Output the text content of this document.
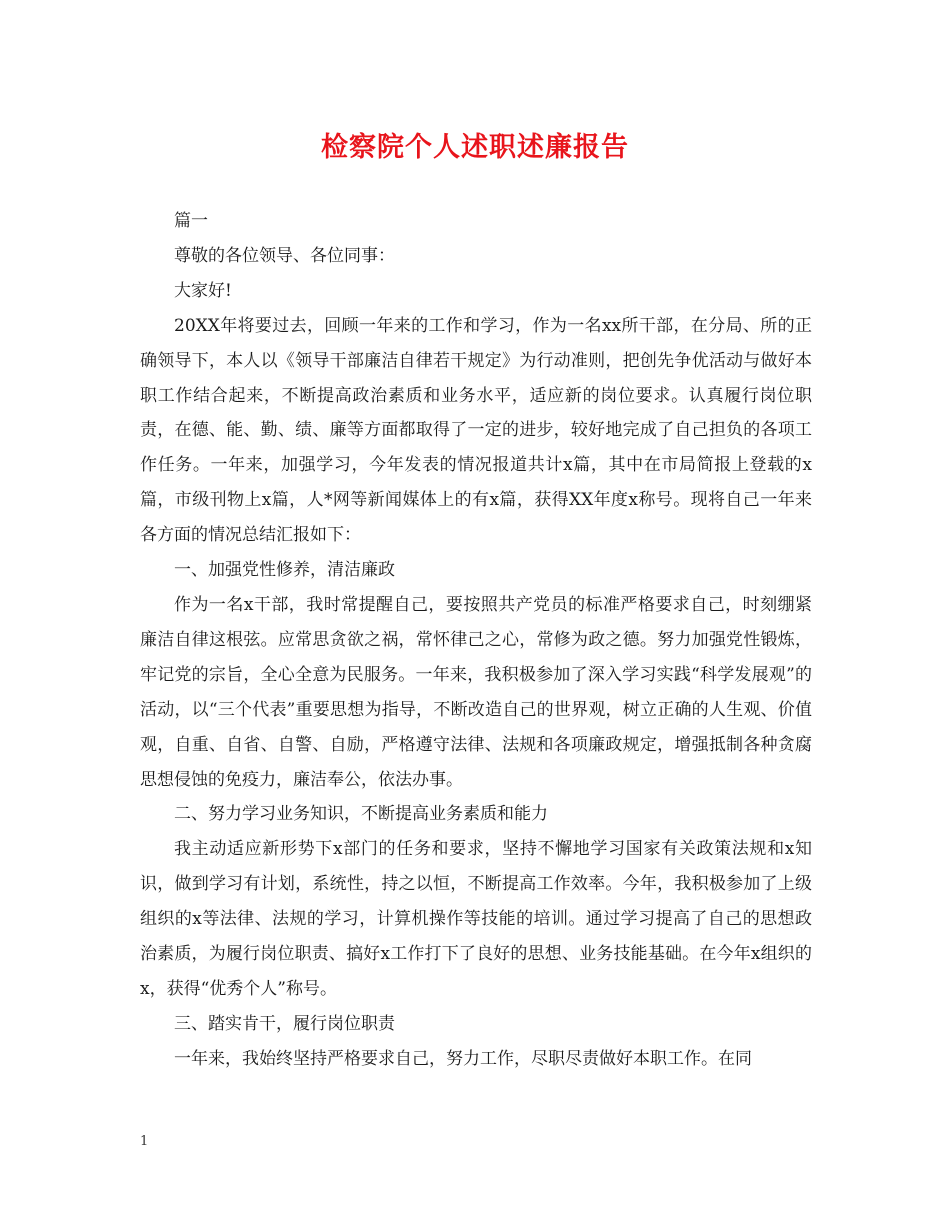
检察院个人述职述廉报告

篇一

尊敬的各位领导、各位同事：

大家好!

20XX年将要过去，回顾一年来的工作和学习，作为一名xx所干部，在分局、所的正确领导下，本人以《领导干部廉洁自律若干规定》为行动准则，把创先争优活动与做好本职工作结合起来，不断提高政治素质和业务水平，适应新的岗位要求。认真履行岗位职责，在德、能、勤、绩、廉等方面都取得了一定的进步，较好地完成了自己担负的各项工作任务。一年来，加强学习，今年发表的情况报道共计x篇，其中在市局简报上登载的x篇，市级刊物上x篇，人*网等新闻媒体上的有x篇，获得XX年度x称号。现将自己一年来各方面的情况总结汇报如下：

一、加强党性修养，清洁廉政

作为一名x干部，我时常提醒自己，要按照共产党员的标准严格要求自己，时刻绷紧廉洁自律这根弦。应常思贪欲之祸，常怀律己之心，常修为政之德。努力加强党性锻炼，牢记党的宗旨，全心全意为民服务。一年来，我积极参加了深入学习实践“科学发展观”的活动，以“三个代表”重要思想为指导，不断改造自己的世界观，树立正确的人生观、价值观，自重、自省、自警、自励，严格遵守法律、法规和各项廉政规定，增强抵制各种贪腐思想侵蚀的免疫力，廉洁奉公，依法办事。

二、努力学习业务知识，不断提高业务素质和能力

我主动适应新形势下x部门的任务和要求，坚持不懈地学习国家有关政策法规和x知识，做到学习有计划，系统性，持之以恒，不断提高工作效率。今年，我积极参加了上级组织的x等法律、法规的学习，计算机操作等技能的培训。通过学习提高了自己的思想政治素质，为履行岗位职责、搞好x工作打下了良好的思想、业务技能基础。在今年x组织的x，获得“优秀个人”称号。

三、踏实肯干，履行岗位职责

一年来，我始终坚持严格要求自己，努力工作，尽职尽责做好本职工作。在同

1
